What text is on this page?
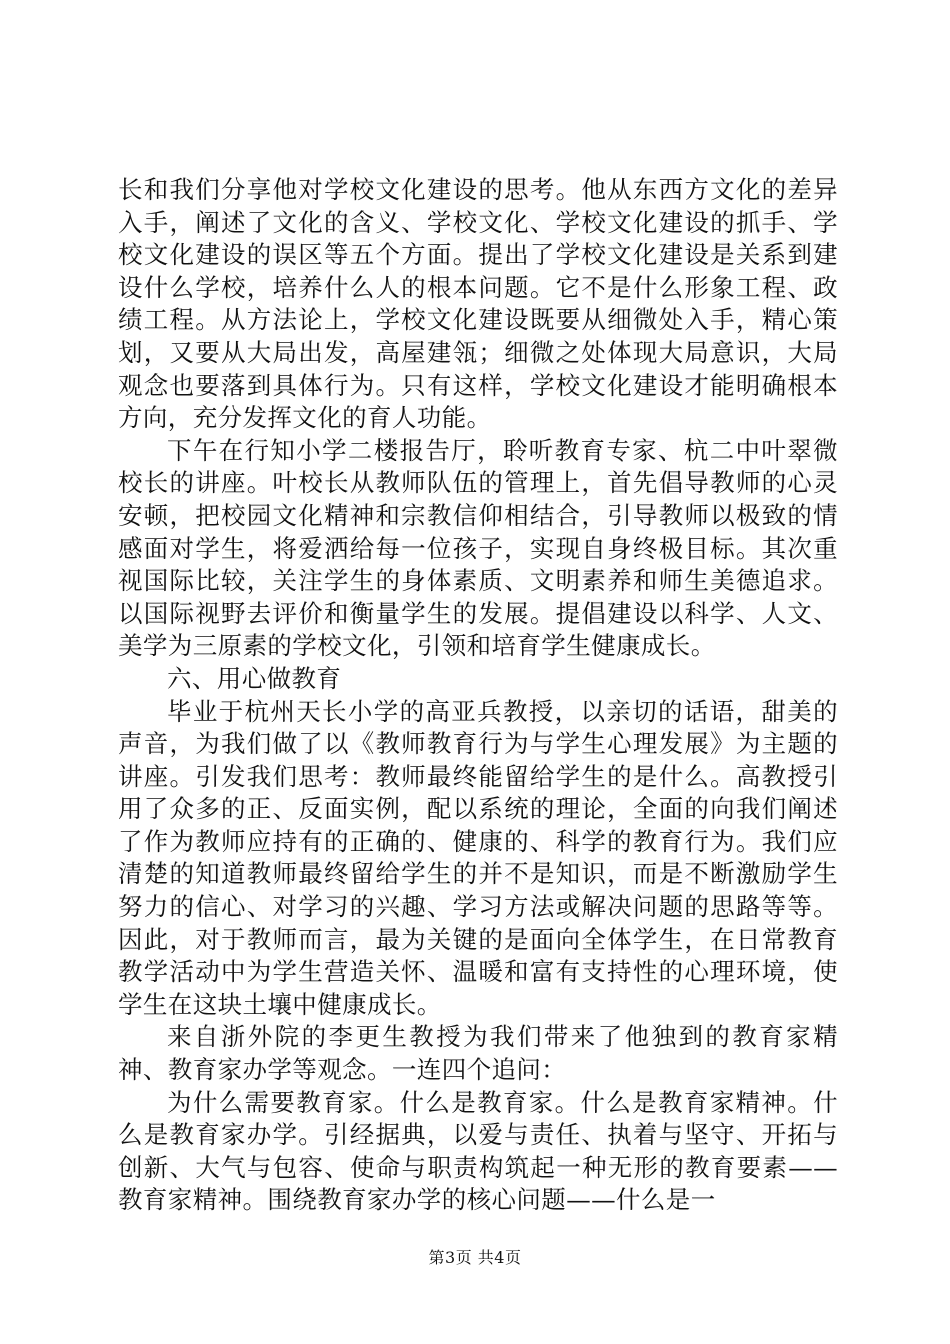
长和我们分享他对学校文化建设的思考。他从东西方文化的差异入手，阐述了文化的含义、学校文化、学校文化建设的抓手、学校文化建设的误区等五个方面。提出了学校文化建设是关系到建设什么学校，培养什么人的根本问题。它不是什么形象工程、政绩工程。从方法论上，学校文化建设既要从细微处入手，精心策划，又要从大局出发，高屋建瓴；细微之处体现大局意识，大局观念也要落到具体行为。只有这样，学校文化建设才能明确根本方向，充分发挥文化的育人功能。

下午在行知小学二楼报告厅，聆听教育专家、杭二中叶翠微校长的讲座。叶校长从教师队伍的管理上，首先倡导教师的心灵安顿，把校园文化精神和宗教信仰相结合，引导教师以极致的情感面对学生，将爱洒给每一位孩子，实现自身终极目标。其次重视国际比较，关注学生的身体素质、文明素养和师生美德追求。以国际视野去评价和衡量学生的发展。提倡建设以科学、人文、美学为三原素的学校文化，引领和培育学生健康成长。

六、用心做教育

毕业于杭州天长小学的高亚兵教授，以亲切的话语，甜美的声音，为我们做了以《教师教育行为与学生心理发展》为主题的讲座。引发我们思考：教师最终能留给学生的是什么。高教授引用了众多的正、反面实例，配以系统的理论，全面的向我们阐述了作为教师应持有的正确的、健康的、科学的教育行为。我们应清楚的知道教师最终留给学生的并不是知识，而是不断激励学生努力的信心、对学习的兴趣、学习方法或解决问题的思路等等。因此，对于教师而言，最为关键的是面向全体学生，在日常教育教学活动中为学生营造关怀、温暖和富有支持性的心理环境，使学生在这块土壤中健康成长。

来自浙外院的李更生教授为我们带来了他独到的教育家精神、教育家办学等观念。一连四个追问：

为什么需要教育家。什么是教育家。什么是教育家精神。什么是教育家办学。引经据典，以爱与责任、执着与坚守、开拓与创新、大气与包容、使命与职责构筑起一种无形的教育要素——教育家精神。围绕教育家办学的核心问题——什么是一

第3页 共4页
